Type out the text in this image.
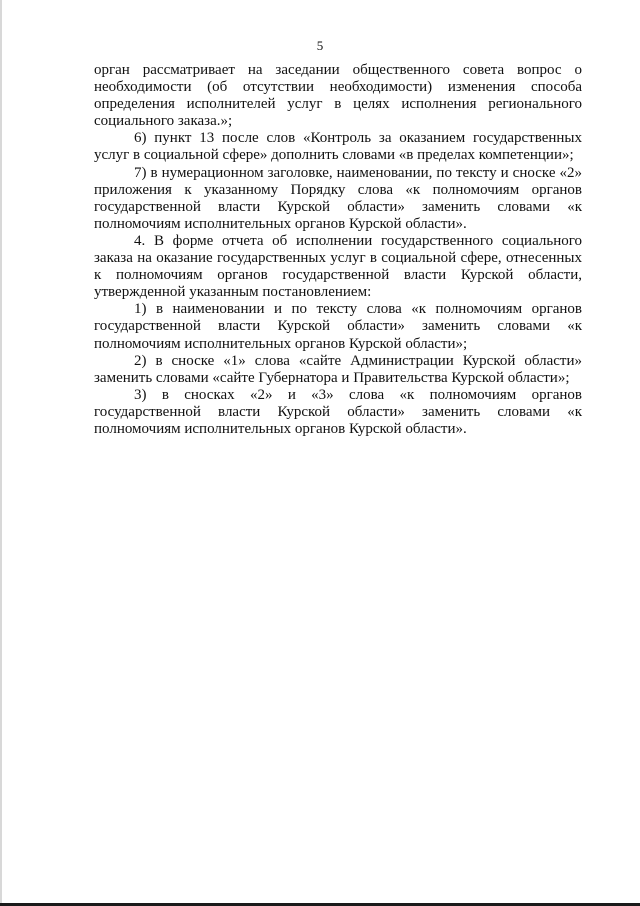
5

орган рассматривает на заседании общественного совета вопрос о необходимости (об отсутствии необходимости) изменения способа определения исполнителей услуг в целях исполнения регионального социального заказа.»;

6) пункт 13 после слов «Контроль за оказанием государственных услуг в социальной сфере» дополнить словами «в пределах компетенции»;

7) в нумерационном заголовке, наименовании, по тексту и сноске «2» приложения к указанному Порядку слова «к полномочиям органов государственной власти Курской области» заменить словами «к полномочиям исполнительных органов Курской области».

4. В форме отчета об исполнении государственного социального заказа на оказание государственных услуг в социальной сфере, отнесенных к полномочиям органов государственной власти Курской области, утвержденной указанным постановлением:

1) в наименовании и по тексту слова «к полномочиям органов государственной власти Курской области» заменить словами «к полномочиям исполнительных органов Курской области»;

2) в сноске «1» слова «сайте Администрации Курской области» заменить словами «сайте Губернатора и Правительства Курской области»;

3) в сносках «2» и «3» слова «к полномочиям органов государственной власти Курской области» заменить словами «к полномочиям исполнительных органов Курской области».
